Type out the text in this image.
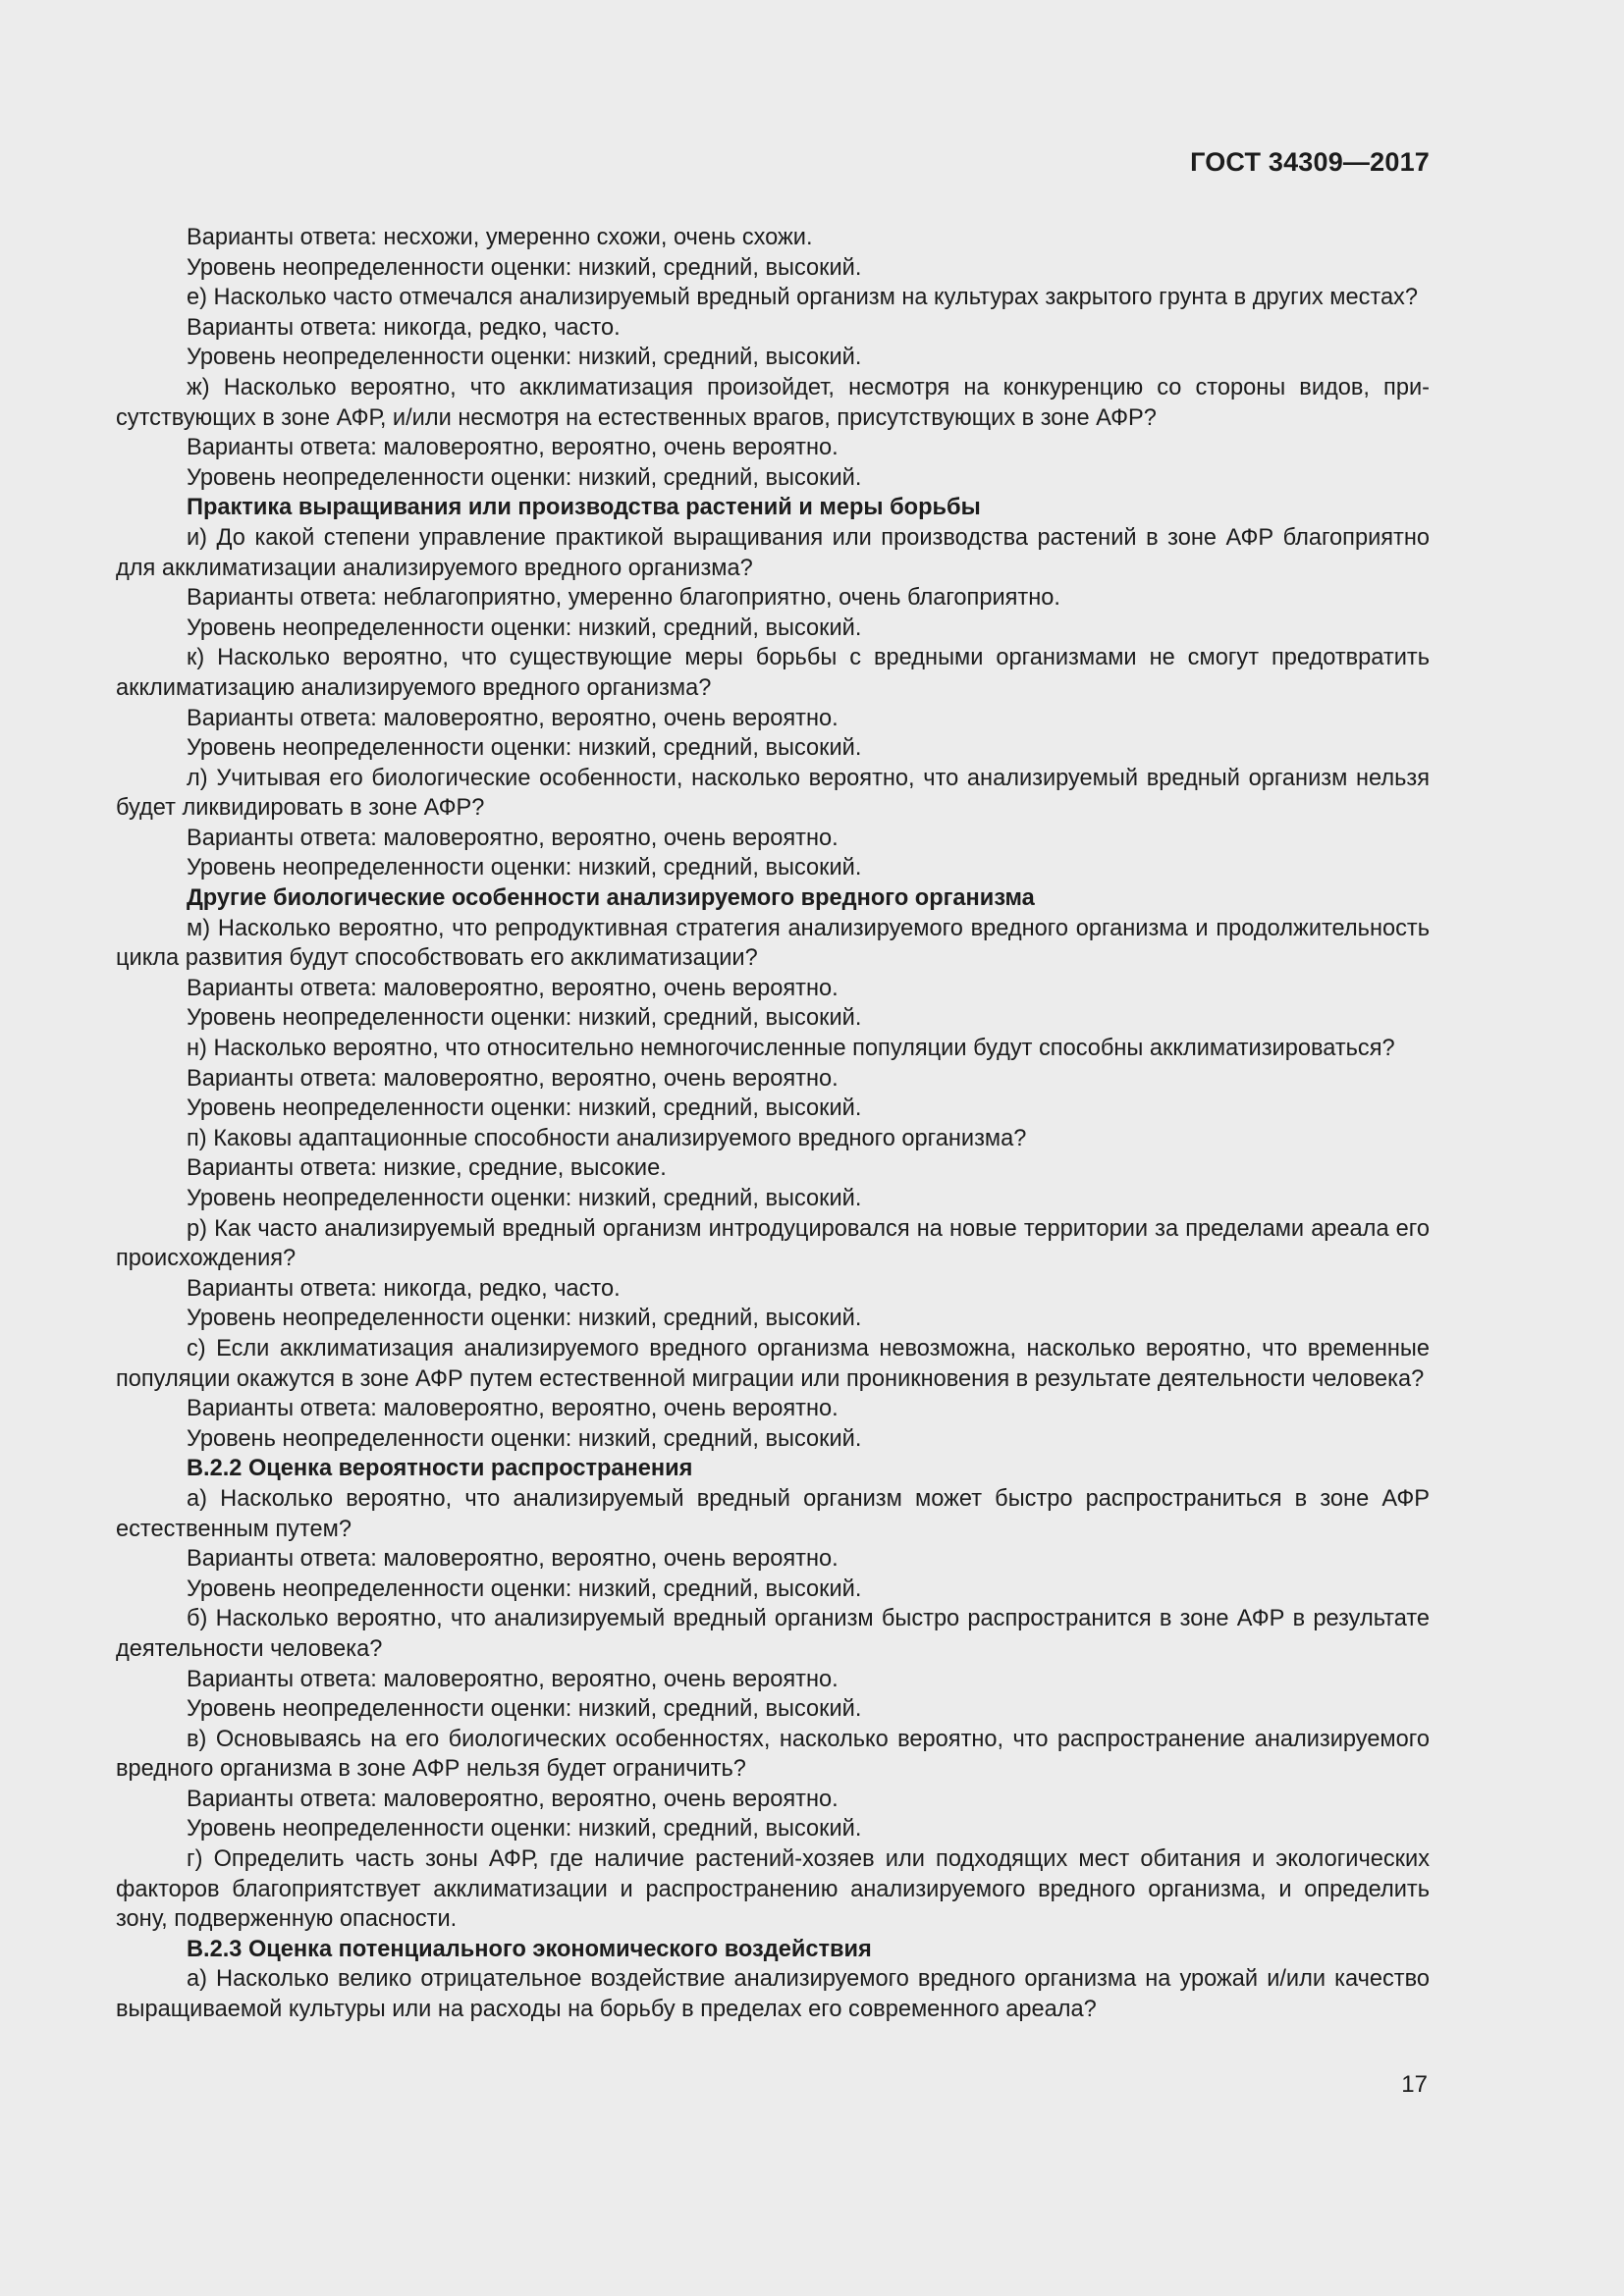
ГОСТ 34309—2017

Варианты ответа: несхожи, умеренно схожи, очень схожи.

Уровень неопределенности оценки: низкий, средний, высокий.

е) Насколько часто отмечался анализируемый вредный организм на культурах закрытого грунта в других местах?

Варианты ответа: никогда, редко, часто.

Уровень неопределенности оценки: низкий, средний, высокий.

ж) Насколько вероятно, что акклиматизация произойдет, несмотря на конкуренцию со стороны видов, присутствующих в зоне АФР, и/или несмотря на естественных врагов, присутствующих в зоне АФР?

Варианты ответа: маловероятно, вероятно, очень вероятно.

Уровень неопределенности оценки: низкий, средний, высокий.

Практика выращивания или производства растений и меры борьбы

и) До какой степени управление практикой выращивания или производства растений в зоне АФР благоприятно для акклиматизации анализируемого вредного организма?

Варианты ответа: неблагоприятно, умеренно благоприятно, очень благоприятно.

Уровень неопределенности оценки: низкий, средний, высокий.

к) Насколько вероятно, что существующие меры борьбы с вредными организмами не смогут предотвратить акклиматизацию анализируемого вредного организма?

Варианты ответа: маловероятно, вероятно, очень вероятно.

Уровень неопределенности оценки: низкий, средний, высокий.

л) Учитывая его биологические особенности, насколько вероятно, что анализируемый вредный организм нельзя будет ликвидировать в зоне АФР?

Варианты ответа: маловероятно, вероятно, очень вероятно.

Уровень неопределенности оценки: низкий, средний, высокий.

Другие биологические особенности анализируемого вредного организма

м) Насколько вероятно, что репродуктивная стратегия анализируемого вредного организма и продолжительность цикла развития будут способствовать его акклиматизации?

Варианты ответа: маловероятно, вероятно, очень вероятно.

Уровень неопределенности оценки: низкий, средний, высокий.

н) Насколько вероятно, что относительно немногочисленные популяции будут способны акклиматизироваться?

Варианты ответа: маловероятно, вероятно, очень вероятно.

Уровень неопределенности оценки: низкий, средний, высокий.

п) Каковы адаптационные способности анализируемого вредного организма?

Варианты ответа: низкие, средние, высокие.

Уровень неопределенности оценки: низкий, средний, высокий.

р) Как часто анализируемый вредный организм интродуцировался на новые территории за пределами ареала его происхождения?

Варианты ответа: никогда, редко, часто.

Уровень неопределенности оценки: низкий, средний, высокий.

с) Если акклиматизация анализируемого вредного организма невозможна, насколько вероятно, что временные популяции окажутся в зоне АФР путем естественной миграции или проникновения в результате деятельности человека?

Варианты ответа: маловероятно, вероятно, очень вероятно.

Уровень неопределенности оценки: низкий, средний, высокий.

В.2.2 Оценка вероятности распространения

а) Насколько вероятно, что анализируемый вредный организм может быстро распространиться в зоне АФР естественным путем?

Варианты ответа: маловероятно, вероятно, очень вероятно.

Уровень неопределенности оценки: низкий, средний, высокий.

б) Насколько вероятно, что анализируемый вредный организм быстро распространится в зоне АФР в результате деятельности человека?

Варианты ответа: маловероятно, вероятно, очень вероятно.

Уровень неопределенности оценки: низкий, средний, высокий.

в) Основываясь на его биологических особенностях, насколько вероятно, что распространение анализируемого вредного организма в зоне АФР нельзя будет ограничить?

Варианты ответа: маловероятно, вероятно, очень вероятно.

Уровень неопределенности оценки: низкий, средний, высокий.

г) Определить часть зоны АФР, где наличие растений-хозяев или подходящих мест обитания и экологических факторов благоприятствует акклиматизации и распространению анализируемого вредного организма, и определить зону, подверженную опасности.

В.2.3 Оценка потенциального экономического воздействия

а) Насколько велико отрицательное воздействие анализируемого вредного организма на урожай и/или качество выращиваемой культуры или на расходы на борьбу в пределах его современного ареала?

17
